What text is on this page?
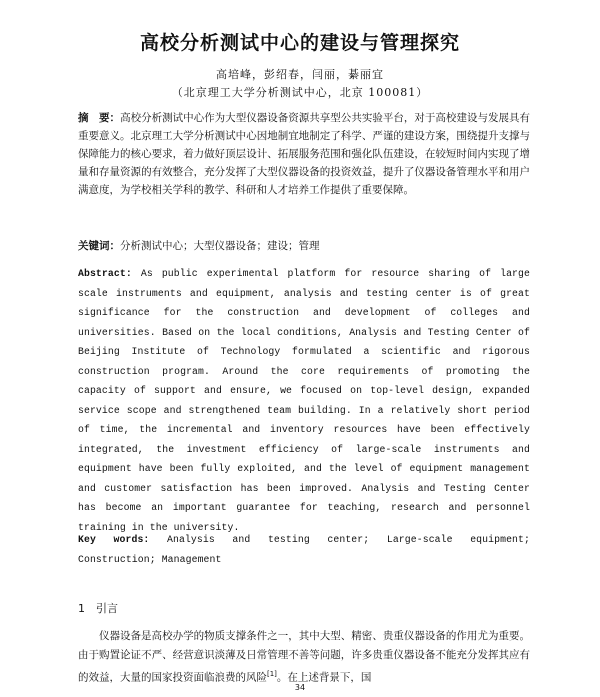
高校分析测试中心的建设与管理探究
高培峰，彭绍春，闫丽，綦丽宜
（北京理工大学分析测试中心，北京 100081）
摘　要：高校分析测试中心作为大型仪器设备资源共享型公共实验平台，对于高校建设与发展具有重要意义。北京理工大学分析测试中心因地制宜地制定了科学、严谨的建设方案，围绕提升支撑与保障能力的核心要求，着力做好顶层设计、拓展服务范围和强化队伍建设，在较短时间内实现了增量和存量资源的有效整合，充分发挥了大型仪器设备的投资效益，提升了仪器设备管理水平和用户满意度，为学校相关学科的教学、科研和人才培养工作提供了重要保障。
关键词：分析测试中心；大型仪器设备；建设；管理
Abstract: As public experimental platform for resource sharing of large scale instruments and equipment, analysis and testing center is of great significance for the construction and development of colleges and universities. Based on the local conditions, Analysis and Testing Center of Beijing Institute of Technology formulated a scientific and rigorous construction program. Around the core requirements of promoting the capacity of support and ensure, we focused on top-level design, expanded service scope and strengthened team building. In a relatively short period of time, the incremental and inventory resources have been effectively integrated, the investment efficiency of large-scale instruments and equipment have been fully exploited, and the level of equipment management and customer satisfaction has been improved. Analysis and Testing Center has become an important guarantee for teaching, research and personnel training in the university.
Key words: Analysis and testing center; Large-scale equipment; Construction; Management
1　引言
仪器设备是高校办学的物质支撑条件之一，其中大型、精密、贵重仪器设备的作用尤为重要。由于购置论证不严、经营意识淡薄及日常管理不善等问题，许多贵重仪器设备不能充分发挥其应有的效益，大量的国家投资面临浪费的风险[1]。在上述背景下，国
34
